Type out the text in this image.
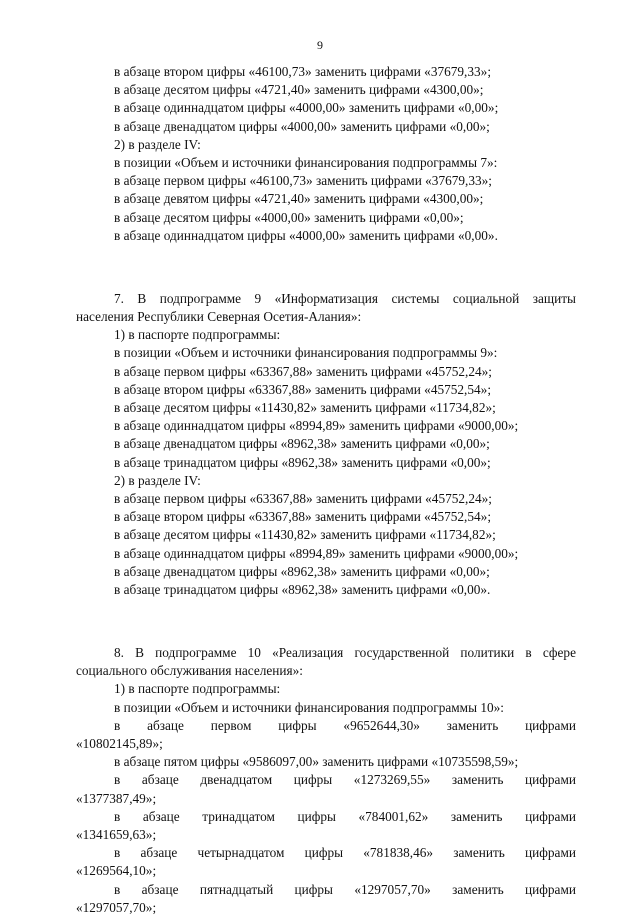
9

в абзаце втором цифры «46100,73» заменить цифрами «37679,33»;

в абзаце десятом цифры «4721,40» заменить цифрами «4300,00»;

в абзаце одиннадцатом цифры «4000,00» заменить цифрами «0,00»;

в абзаце двенадцатом цифры «4000,00» заменить цифрами «0,00»;

2) в разделе IV:

в позиции «Объем и источники финансирования подпрограммы 7»:

в абзаце первом цифры «46100,73» заменить цифрами «37679,33»;

в абзаце девятом цифры «4721,40» заменить цифрами «4300,00»;

в абзаце десятом цифры «4000,00» заменить цифрами «0,00»;

в абзаце одиннадцатом цифры «4000,00» заменить цифрами «0,00».

7. В подпрограмме 9 «Информатизация системы социальной защиты

населения Республики Северная Осетия-Алания»:

1) в паспорте подпрограммы:

в позиции «Объем и источники финансирования подпрограммы 9»:

в абзаце первом цифры «63367,88» заменить цифрами «45752,24»;

в абзаце втором цифры «63367,88» заменить цифрами «45752,54»;

в абзаце десятом цифры «11430,82» заменить цифрами «11734,82»;

в абзаце одиннадцатом цифры «8994,89» заменить цифрами «9000,00»;

в абзаце двенадцатом цифры «8962,38» заменить цифрами «0,00»;

в абзаце тринадцатом цифры «8962,38» заменить цифрами «0,00»;

2) в разделе IV:

в абзаце первом цифры «63367,88» заменить цифрами «45752,24»;

в абзаце втором цифры «63367,88» заменить цифрами «45752,54»;

в абзаце десятом цифры «11430,82» заменить цифрами «11734,82»;

в абзаце одиннадцатом цифры «8994,89» заменить цифрами «9000,00»;

в абзаце двенадцатом цифры «8962,38» заменить цифрами «0,00»;

в абзаце тринадцатом цифры «8962,38» заменить цифрами «0,00».

8. В подпрограмме 10 «Реализация государственной политики в сфере

социального обслуживания населения»:

1) в паспорте подпрограммы:

в позиции «Объем и источники финансирования подпрограммы 10»:

в абзаце первом цифры «9652644,30» заменить цифрами

«10802145,89»;

в абзаце пятом цифры «9586097,00» заменить цифрами «10735598,59»;

в абзаце двенадцатом цифры «1273269,55» заменить цифрами

«1377387,49»;

в абзаце тринадцатом цифры «784001,62» заменить цифрами

«1341659,63»;

в абзаце четырнадцатом цифры «781838,46» заменить цифрами

«1269564,10»;

в абзаце пятнадцатый цифры «1297057,70» заменить цифрами

«1297057,70»;
